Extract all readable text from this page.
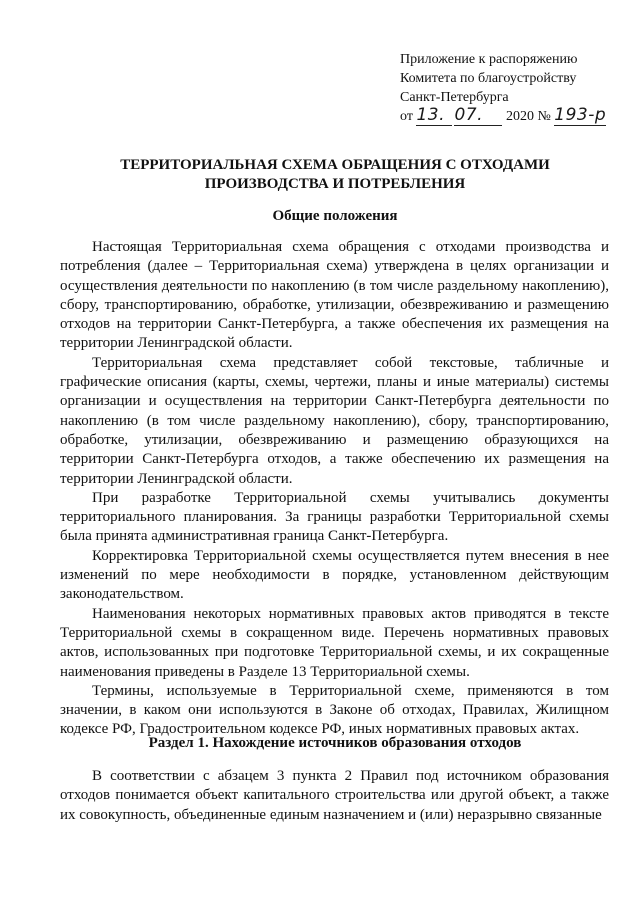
Приложение к распоряжению
Комитета по благоустройству
Санкт-Петербурга
от 13. 07. 2020 № 193-р
ТЕРРИТОРИАЛЬНАЯ СХЕМА ОБРАЩЕНИЯ С ОТХОДАМИ
ПРОИЗВОДСТВА И ПОТРЕБЛЕНИЯ
Общие положения

Настоящая Территориальная схема обращения с отходами производства и потребления (далее – Территориальная схема) утверждена в целях организации и осуществления деятельности по накоплению (в том числе раздельному накоплению), сбору, транспортированию, обработке, утилизации, обезвреживанию и размещению отходов на территории Санкт-Петербурга, а также обеспечения их размещения на территории Ленинградской области.

Территориальная схема представляет собой текстовые, табличные и графические описания (карты, схемы, чертежи, планы и иные материалы) системы организации и осуществления на территории Санкт-Петербурга деятельности по накоплению (в том числе раздельному накоплению), сбору, транспортированию, обработке, утилизации, обезвреживанию и размещению образующихся на территории Санкт-Петербурга отходов, а также обеспечению их размещения на территории Ленинградской области.

При разработке Территориальной схемы учитывались документы территориального планирования. За границы разработки Территориальной схемы была принята административная граница Санкт-Петербурга.

Корректировка Территориальной схемы осуществляется путем внесения в нее изменений по мере необходимости в порядке, установленном действующим законодательством.

Наименования некоторых нормативных правовых актов приводятся в тексте Территориальной схемы в сокращенном виде. Перечень нормативных правовых актов, использованных при подготовке Территориальной схемы, и их сокращенные наименования приведены в Разделе 13 Территориальной схемы.

Термины, используемые в Территориальной схеме, применяются в том значении, в каком они используются в Законе об отходах, Правилах, Жилищном кодексе РФ, Градостроительном кодексе РФ, иных нормативных правовых актах.

Раздел 1. Нахождение источников образования отходов

В соответствии с абзацем 3 пункта 2 Правил под источником образования отходов понимается объект капитального строительства или другой объект, а также их совокупность, объединенные единым назначением и (или) неразрывно связанные
